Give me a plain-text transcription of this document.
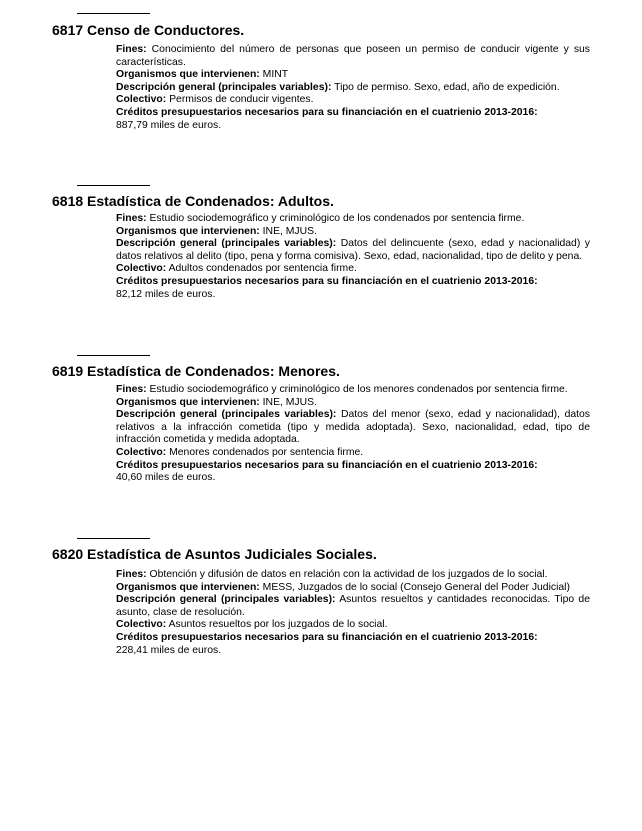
6817 Censo de Conductores.

Fines: Conocimiento del número de personas que poseen un permiso de conducir vigente y sus características.

Organismos que intervienen: MINT

Descripción general (principales variables): Tipo de permiso. Sexo, edad, año de expedición.

Colectivo: Permisos de conducir vigentes.

Créditos presupuestarios necesarios para su financiación en el cuatrienio 2013-2016:

887,79 miles de euros.

6818 Estadística de Condenados: Adultos.

Fines: Estudio sociodemográfico y criminológico de los condenados por sentencia firme.

Organismos que intervienen: INE, MJUS.

Descripción general (principales variables): Datos del delincuente (sexo, edad y nacionalidad) y datos relativos al delito (tipo, pena y forma comisiva). Sexo, edad, nacionalidad, tipo de delito y pena.

Colectivo: Adultos condenados por sentencia firme.

Créditos presupuestarios necesarios para su financiación en el cuatrienio 2013-2016:

82,12 miles de euros.

6819 Estadística de Condenados: Menores.

Fines: Estudio sociodemográfico y criminológico de los menores condenados por sentencia firme.

Organismos que intervienen: INE, MJUS.

Descripción general (principales variables): Datos del menor (sexo, edad y nacionalidad), datos relativos a la infracción cometida (tipo y medida adoptada). Sexo, nacionalidad, edad, tipo de infracción cometida y medida adoptada.

Colectivo: Menores condenados por sentencia firme.

Créditos presupuestarios necesarios para su financiación en el cuatrienio 2013-2016:

40,60 miles de euros.

6820 Estadística de Asuntos Judiciales Sociales.

Fines: Obtención y difusión de datos en relación con la actividad de los juzgados de lo social.

Organismos que intervienen: MESS, Juzgados de lo social (Consejo General del Poder Judicial)

Descripción general (principales variables): Asuntos resueltos y cantidades reconocidas. Tipo de asunto, clase de resolución.

Colectivo: Asuntos resueltos por los juzgados de lo social.

Créditos presupuestarios necesarios para su financiación en el cuatrienio 2013-2016:

228,41 miles de euros.
